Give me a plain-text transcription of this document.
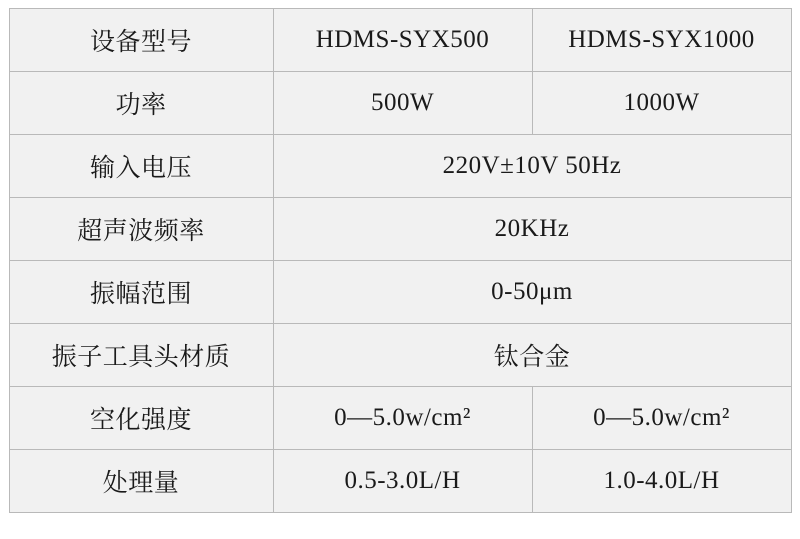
设备型号	HDMS-SYX500	HDMS-SYX1000
功率	500W	1000W
输入电压	220V±10V 50Hz	
超声波频率	20KHz	
振幅范围	0-50μm	
振子工具头材质	钛合金	
空化强度	0—5.0w/cm²	0—5.0w/cm²
处理量	0.5-3.0L/H	1.0-4.0L/H
